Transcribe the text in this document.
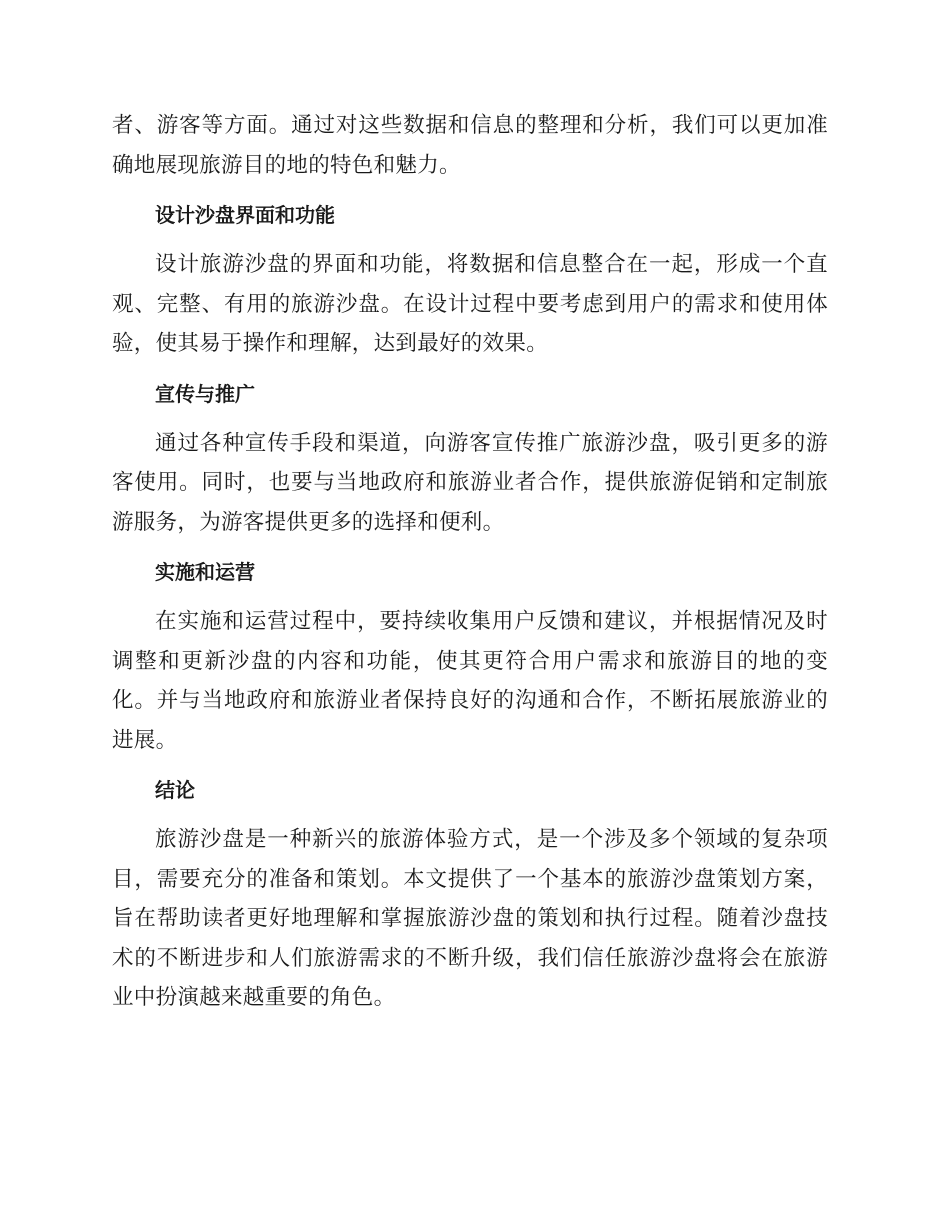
者、游客等方面。通过对这些数据和信息的整理和分析，我们可以更加准确地展现旅游目的地的特色和魅力。

设计沙盘界面和功能

设计旅游沙盘的界面和功能，将数据和信息整合在一起，形成一个直观、完整、有用的旅游沙盘。在设计过程中要考虑到用户的需求和使用体验，使其易于操作和理解，达到最好的效果。

宣传与推广

通过各种宣传手段和渠道，向游客宣传推广旅游沙盘，吸引更多的游客使用。同时，也要与当地政府和旅游业者合作，提供旅游促销和定制旅游服务，为游客提供更多的选择和便利。

实施和运营

在实施和运营过程中，要持续收集用户反馈和建议，并根据情况及时调整和更新沙盘的内容和功能，使其更符合用户需求和旅游目的地的变化。并与当地政府和旅游业者保持良好的沟通和合作，不断拓展旅游业的进展。

结论

旅游沙盘是一种新兴的旅游体验方式，是一个涉及多个领域的复杂项目，需要充分的准备和策划。本文提供了一个基本的旅游沙盘策划方案，旨在帮助读者更好地理解和掌握旅游沙盘的策划和执行过程。随着沙盘技术的不断进步和人们旅游需求的不断升级，我们信任旅游沙盘将会在旅游业中扮演越来越重要的角色。
